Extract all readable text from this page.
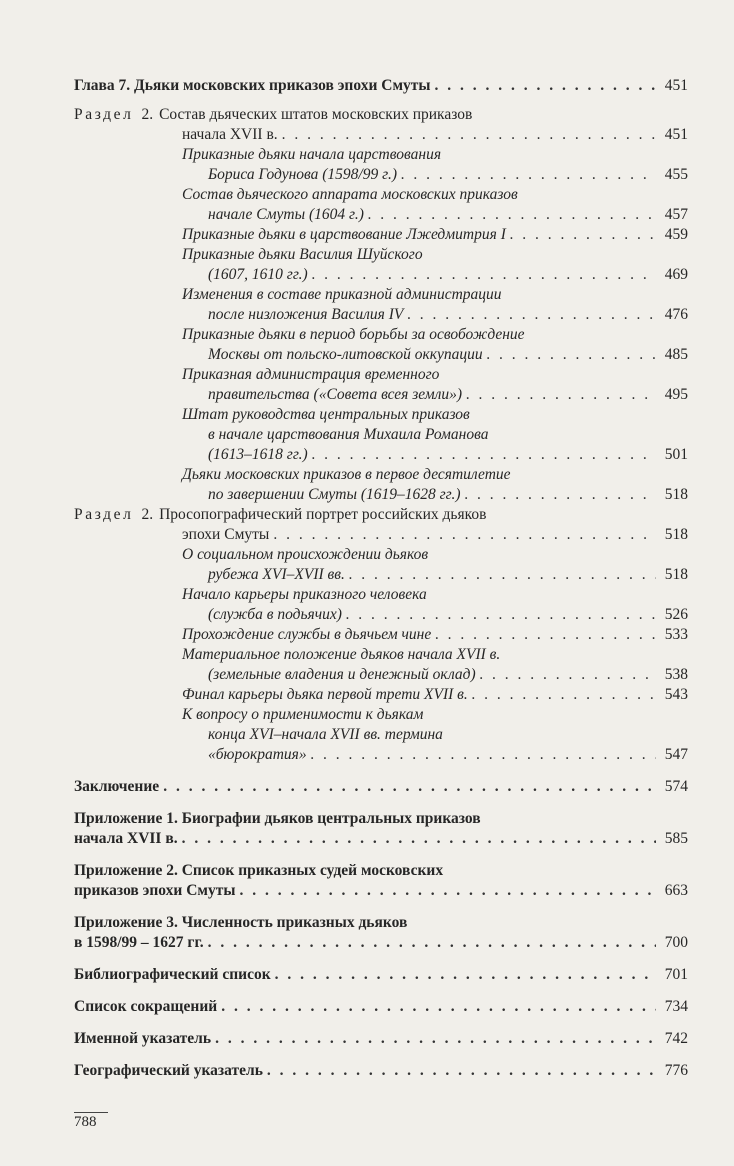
Глава 7. Дьяки московских приказов эпохи Смуты . . .	451
Раздел 2. Состав дьяческих штатов московских приказов
начала XVII в. . . .	451
Приказные дьяки начала царствования
Бориса Годунова (1598/99 г.) . . .	455
Состав дьяческого аппарата московских приказов
начале Смуты (1604 г.) . . .	457
Приказные дьяки в царствование Лжедмитрия I . . .	459
Приказные дьяки Василия Шуйского
(1607, 1610 гг.) . . .	469
Изменения в составе приказной администрации
после низложения Василия IV . . .	476
Приказные дьяки в период борьбы за освобождение
Москвы от польско-литовской оккупации . . .	485
Приказная администрация временного
правительства («Совета всея земли») . . .	495
Штат руководства центральных приказов
в начале царствования Михаила Романова
(1613–1618 гг.) . . .	501
Дьяки московских приказов в первое десятилетие
по завершении Смуты (1619–1628 гг.) . . .	518
Раздел 2. Просопографический портрет российских дьяков
эпохи Смуты . . .	518
О социальном происхождении дьяков
рубежа XVI–XVII вв. . . .	518
Начало карьеры приказного человека
(служба в подьячих) . . .	526
Прохождение службы в дьячьем чине . . .	533
Материальное положение дьяков начала XVII в.
(земельные владения и денежный оклад) . . .	538
Финал карьеры дьяка первой трети XVII в. . . .	543
К вопросу о применимости к дьякам
конца XVI–начала XVII вв. термина
«бюрократия» . . .	547
Заключение . . .	574
Приложение 1. Биографии дьяков центральных приказов
начала XVII в. . . .	585
Приложение 2. Список приказных судей московских
приказов эпохи Смуты . . .	663
Приложение 3. Численность приказных дьяков
в 1598/99 – 1627 гг. . . .	700
Библиографический список . . .	701
Список сокращений . . .	734
Именной указатель . . .	742
Географический указатель . . .	776
788
